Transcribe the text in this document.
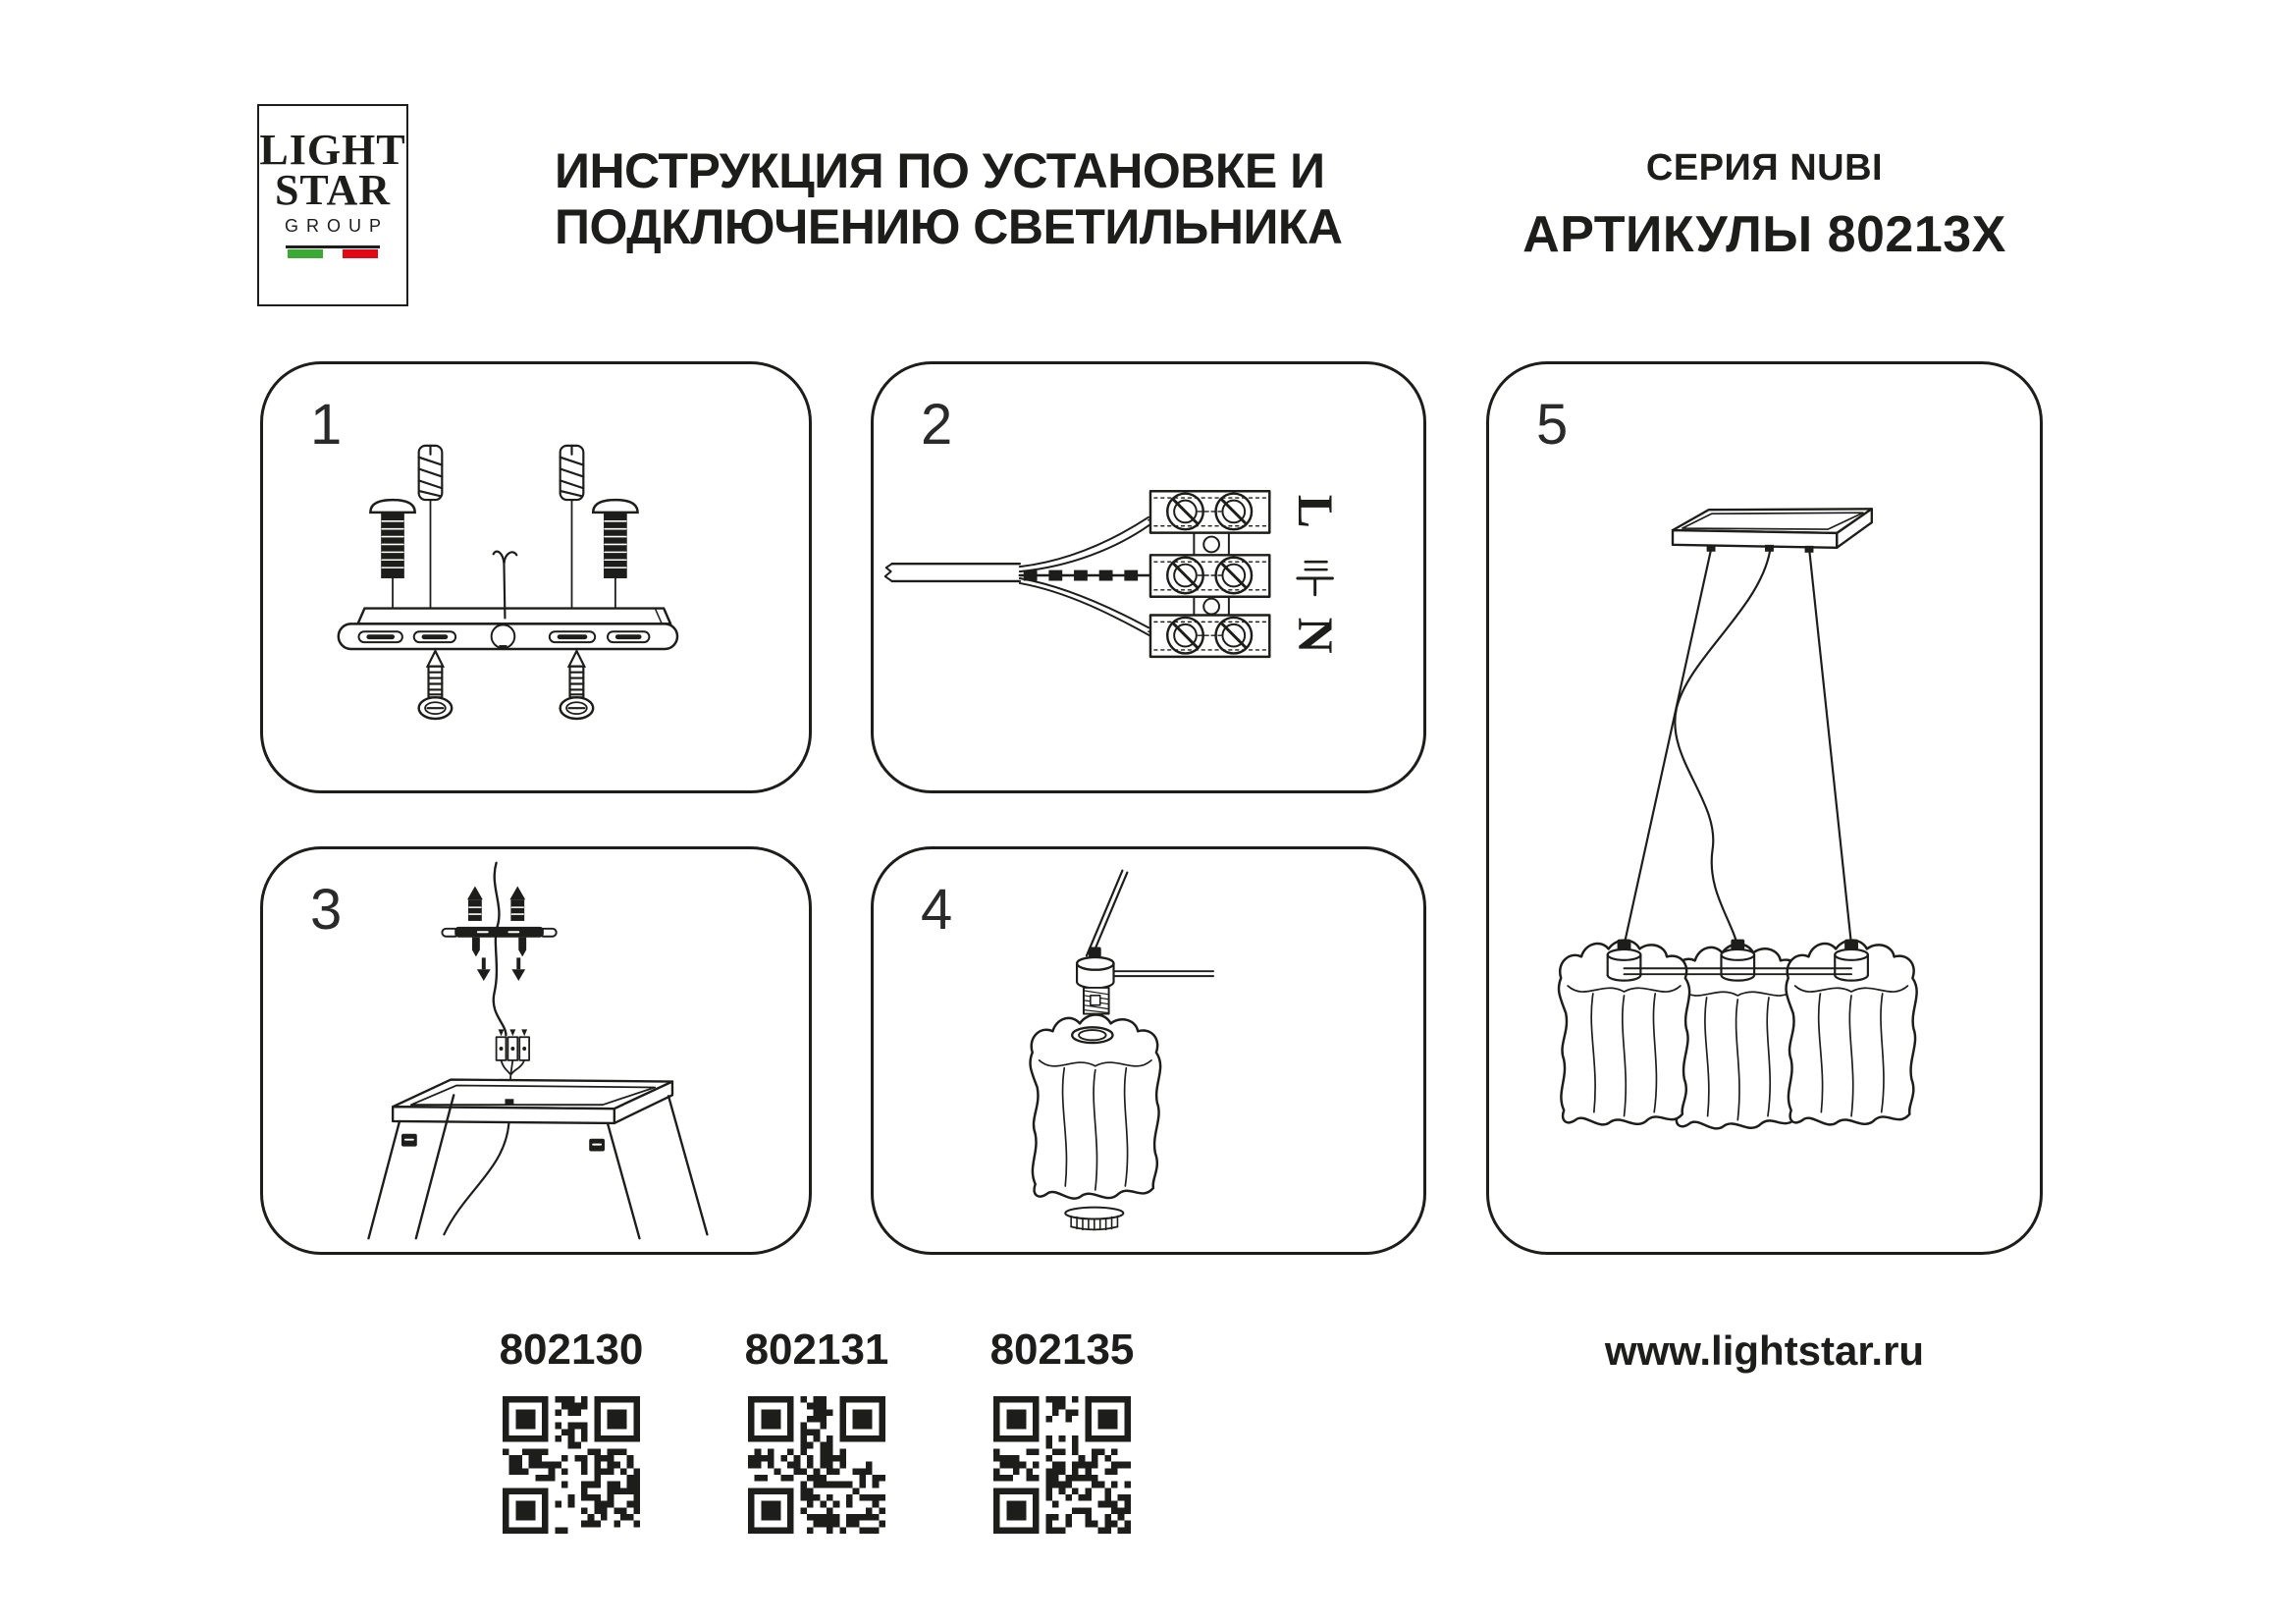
LIGHT
STAR
GROUP
ИНСТРУКЦИЯ ПО УСТАНОВКЕ И
ПОДКЛЮЧЕНИЮ СВЕТИЛЬНИКА
СЕРИЯ NUBI
АРТИКУЛЫ 80213X
1	2
L
N
3	4
5
802130	802131	802135	www.lightstar.ru
